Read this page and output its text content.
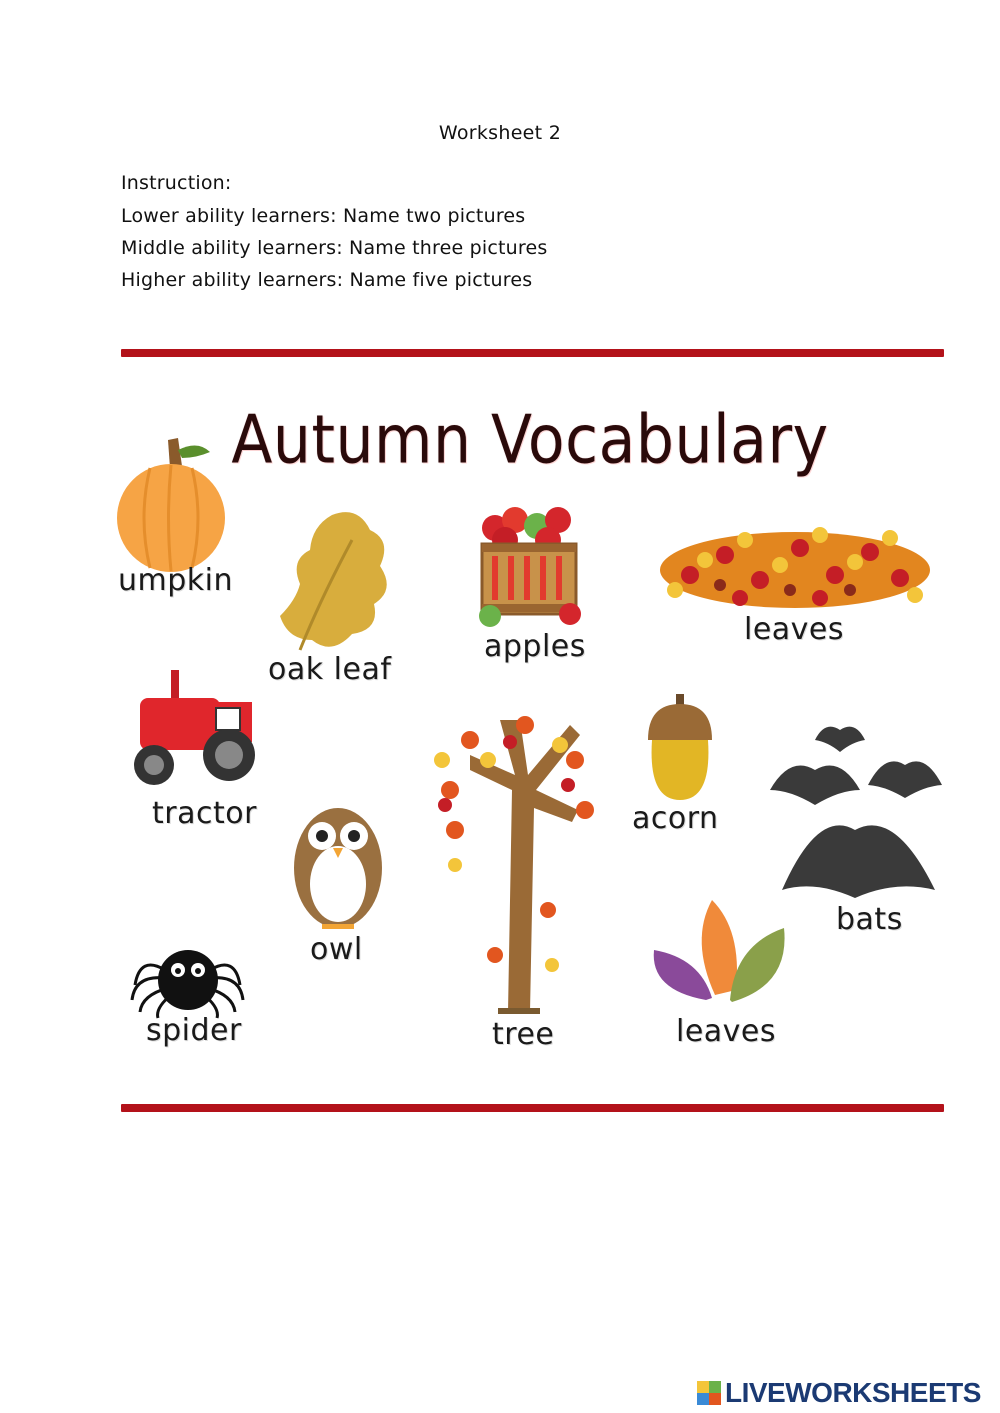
Worksheet 2
Instruction:
Lower ability learners: Name two pictures
Middle ability learners: Name three pictures
Higher ability learners: Name five pictures
Autumn Vocabulary
umpkin
oak leaf
apples	leaves
tractor	acorn
bats
owl
spider	tree	leaves
LIVEWORKSHEETS
